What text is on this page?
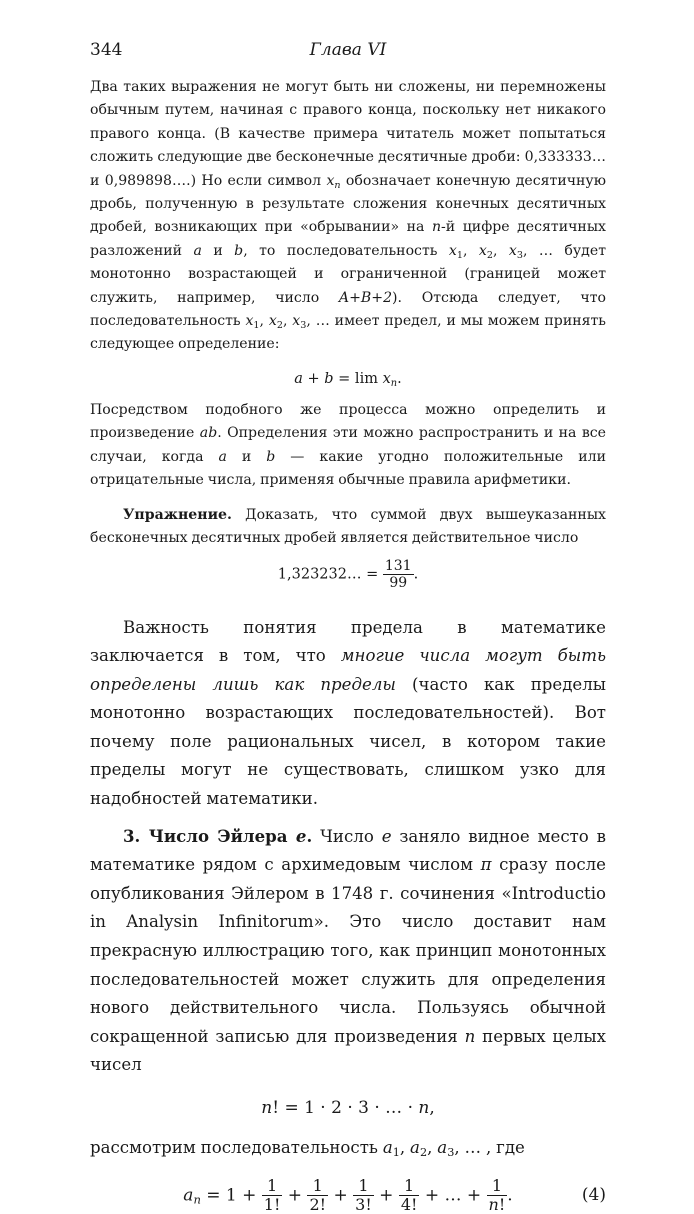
344	Глава VI

Два таких выражения не могут быть ни сложены, ни перемножены обычным путем, начиная с правого конца, поскольку нет никакого правого конца. (В качестве примера читатель может попытаться сложить следующие две бесконечные десятичные дроби: 0,333333… и 0,989898….) Но если символ $x_n$ обозначает конечную десятичную дробь, полученную в результате сложения конечных десятичных дробей, возникающих при «обрывании» на n-й цифре десятичных разложений a и b, то последовательность $x_1$, $x_2$, $x_3$, … будет монотонно возрастающей и ограниченной (границей может служить, например, число A+B+2). Отсюда следует, что последовательность $x_1$, $x_2$, $x_3$, … имеет предел, и мы можем принять следующее определение:

$a + b = \lim x_n$.

Посредством подобного же процесса можно определить и произведение ab. Определения эти можно распространить и на все случаи, когда a и b — какие угодно положительные или отрицательные числа, применяя обычные правила арифметики.

Упражнение. Доказать, что суммой двух вышеуказанных бесконечных десятичных дробей является действительное число

1,323232… = $\frac{131}{99}$ .

Важность понятия предела в математике заключается в том, что многие числа могут быть определены лишь как пределы (часто как пределы монотонно возрастающих последовательностей). Вот почему поле рациональных чисел, в котором такие пределы могут не существовать, слишком узко для надобностей математики.

3. Число Эйлера e. Число e заняло видное место в математике рядом с архимедовым числом π сразу после опубликования Эйлером в 1748 г. сочинения «Introductio in Analysin Infinitorum». Это число доставит нам прекрасную иллюстрацию того, как принцип монотонных последовательностей может служить для определения нового действительного числа. Пользуясь обычной сокращенной записью для произведения n первых целых чисел

n! = 1 · 2 · 3 · … · n,

рассмотрим последовательность $a_1$, $a_2$, $a_3$, … , где

$a_n = 1 + \frac{1}{1!} + \frac{1}{2!} + \frac{1}{3!} + \frac{1}{4!}$ + … + $\frac{1}{n!}$ .	(4)
